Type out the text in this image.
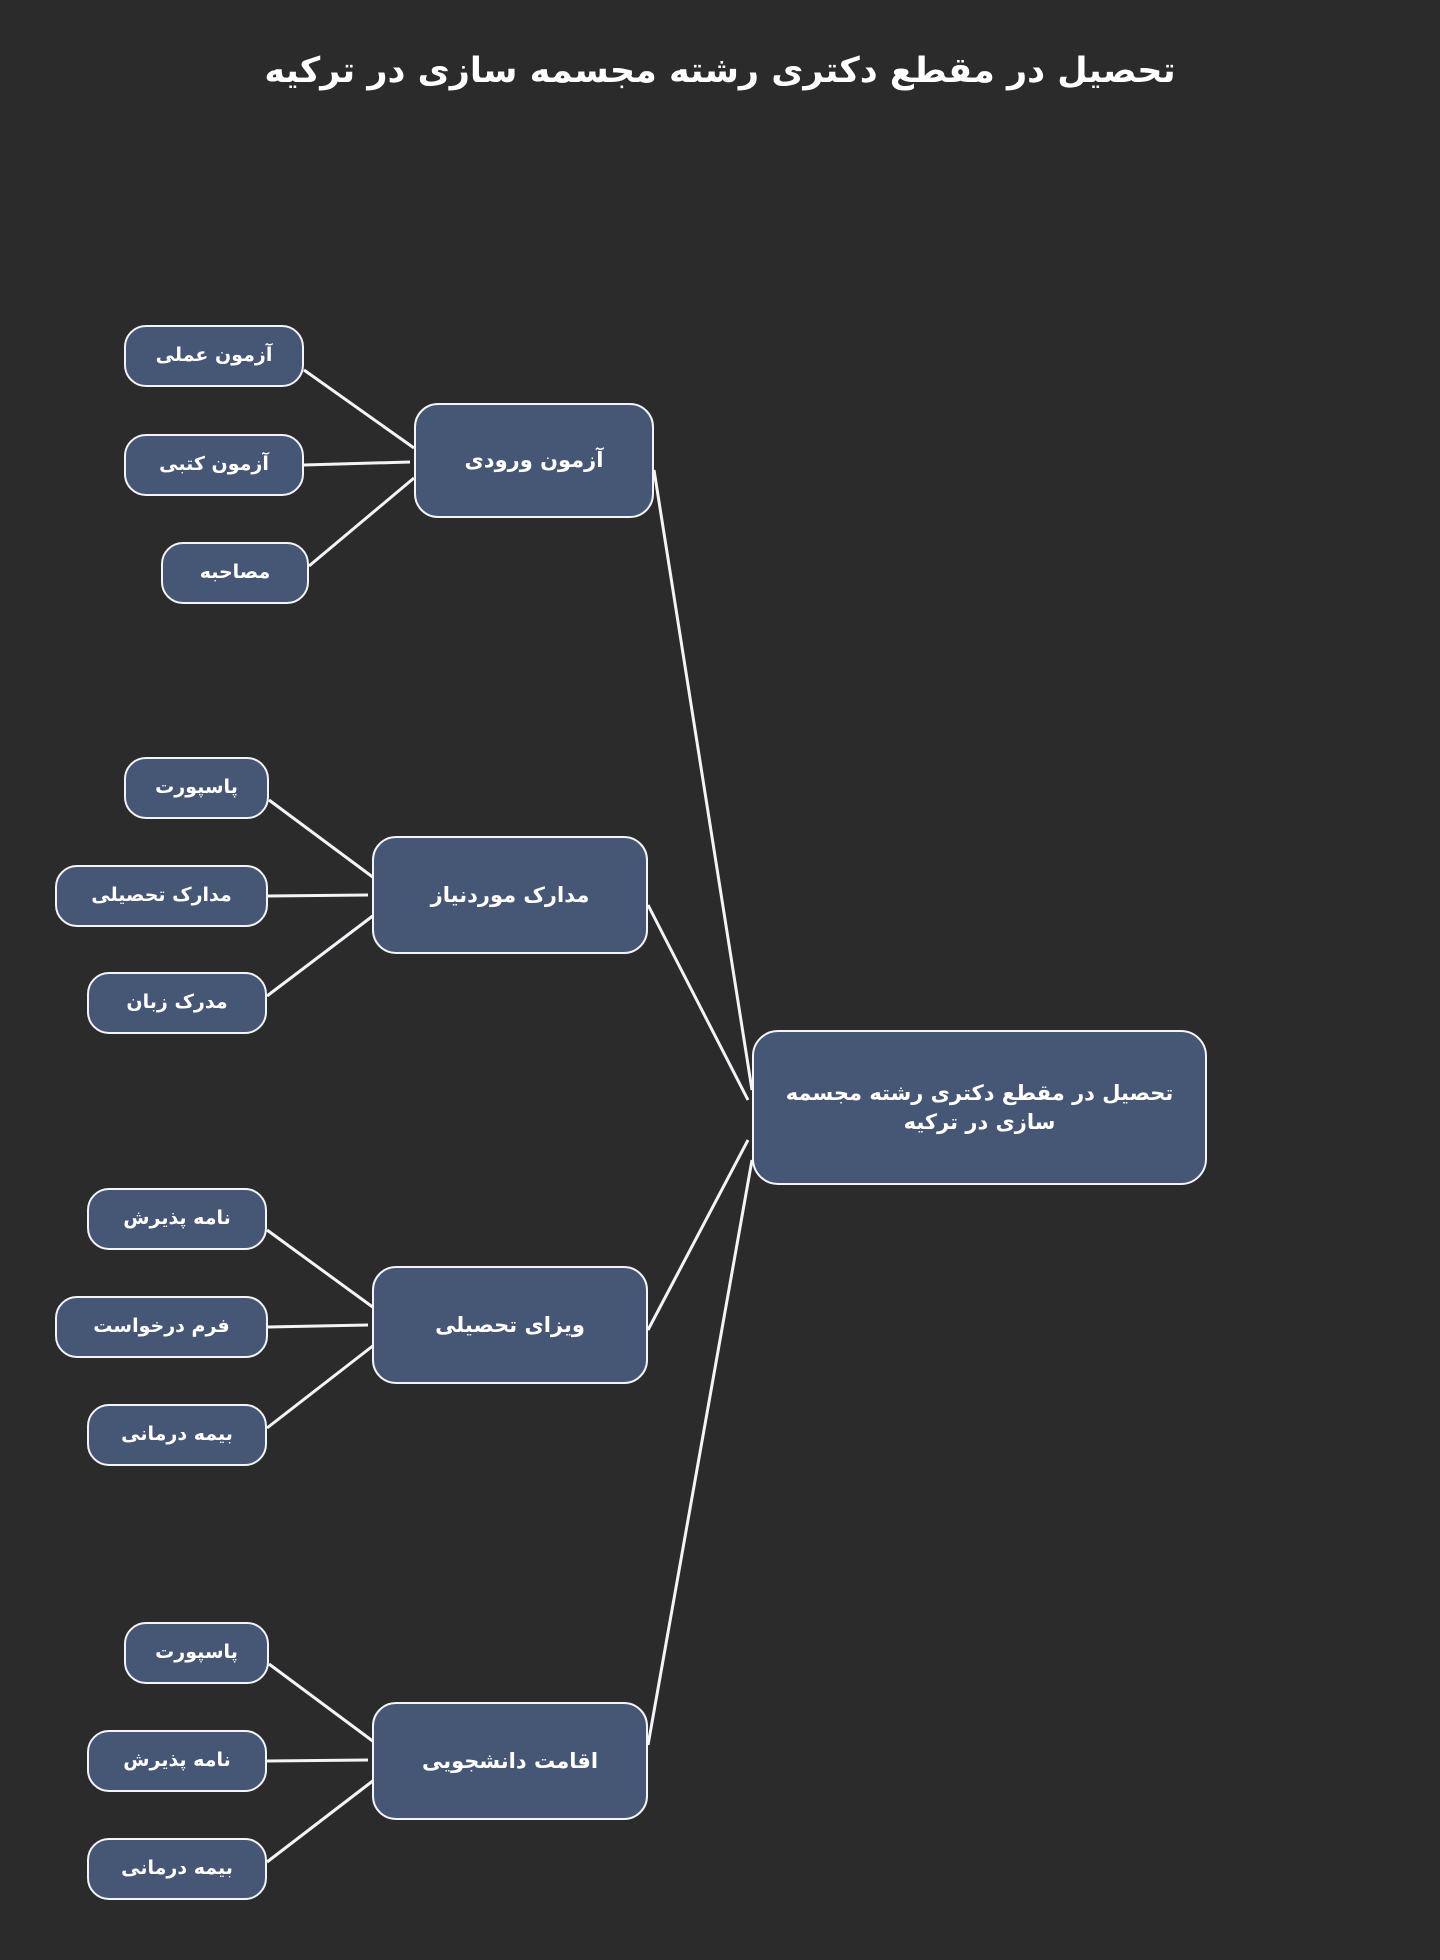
تحصیل در مقطع دکتری رشته مجسمه سازی در ترکیه
تحصیل در مقطع دکتری رشته مجسمه سازی در ترکیه
آزمون ورودی
آزمون عملی
آزمون کتبی
مصاحبه
مدارک موردنیاز
پاسپورت
مدارک تحصیلی
مدرک زبان
ویزای تحصیلی
نامه پذیرش
فرم درخواست
بیمه درمانی
اقامت دانشجویی
پاسپورت
نامه پذیرش
بیمه درمانی
